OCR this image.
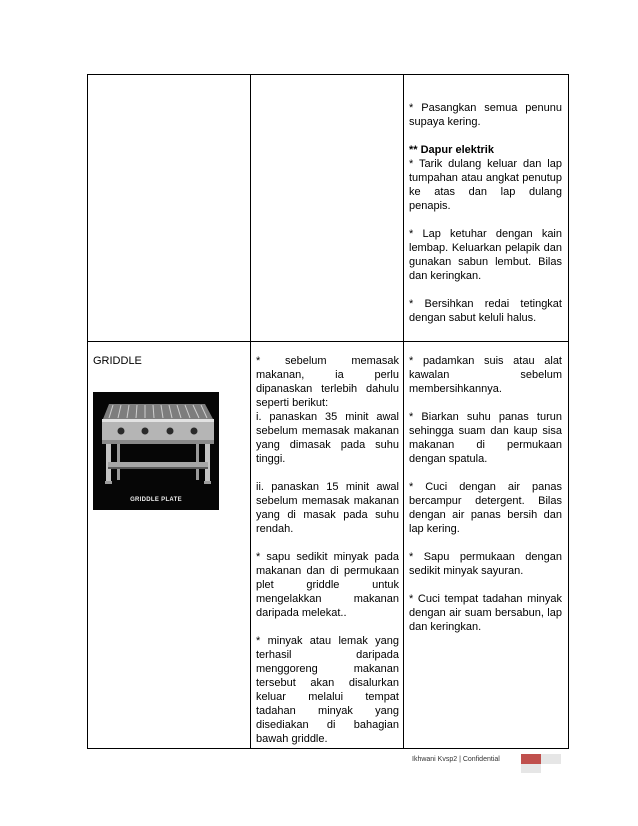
* Pasangkan semua penunu supaya kering.

** Dapur elektrik

* Tarik dulang keluar dan lap tumpahan atau angkat penutup ke atas dan lap dulang penapis.

* Lap ketuhar dengan kain lembap. Keluarkan pelapik dan gunakan sabun lembut. Bilas dan keringkan.

* Bersihkan redai tetingkat dengan sabut keluli halus.

GRIDDLE
GRIDDLE PLATE

* sebelum memasak makanan, ia perlu dipanaskan terlebih dahulu seperti berikut:

i. panaskan 35 minit awal sebelum memasak makanan yang dimasak pada suhu tinggi.

ii. panaskan 15 minit awal sebelum memasak makanan yang di masak pada suhu rendah.

* sapu sedikit minyak pada makanan dan di permukaan plet griddle untuk mengelakkan makanan daripada melekat..

* minyak atau lemak yang terhasil daripada menggoreng makanan tersebut akan disalurkan keluar melalui tempat tadahan minyak yang disediakan di bahagian bawah griddle.

* padamkan suis atau alat kawalan sebelum membersihkannya.

* Biarkan suhu panas turun sehingga suam dan kaup sisa makanan di permukaan dengan spatula.

* Cuci dengan air panas bercampur detergent. Bilas dengan air panas bersih dan lap kering.

* Sapu permukaan dengan sedikit minyak sayuran.

* Cuci tempat tadahan minyak dengan air suam bersabun, lap dan keringkan.

Ikhwani Kvsp2 | Confidential
